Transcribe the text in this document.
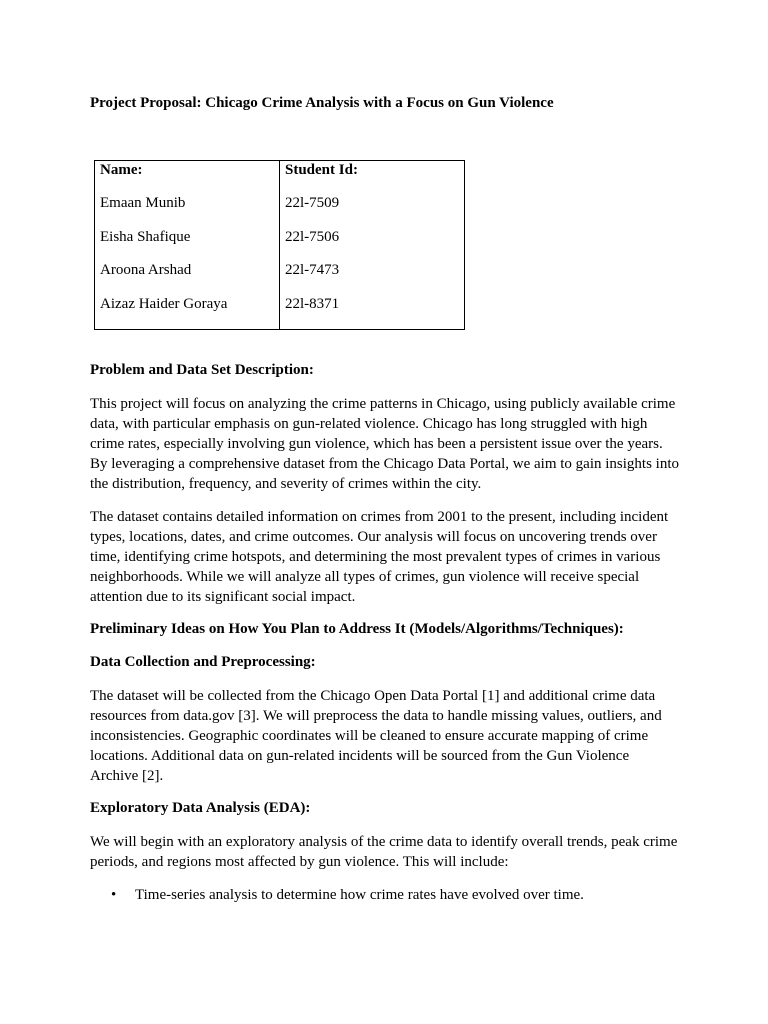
Project Proposal: Chicago Crime Analysis with a Focus on Gun Violence
Name:	Student Id:
Emaan Munib	22l-7509
Eisha Shafique	22l-7506
Aroona Arshad	22l-7473
Aizaz Haider Goraya	22l-8371

Problem and Data Set Description:

This project will focus on analyzing the crime patterns in Chicago, using publicly available crime data, with particular emphasis on gun-related violence. Chicago has long struggled with high crime rates, especially involving gun violence, which has been a persistent issue over the years. By leveraging a comprehensive dataset from the Chicago Data Portal, we aim to gain insights into the distribution, frequency, and severity of crimes within the city.

The dataset contains detailed information on crimes from 2001 to the present, including incident types, locations, dates, and crime outcomes. Our analysis will focus on uncovering trends over time, identifying crime hotspots, and determining the most prevalent types of crimes in various neighborhoods. While we will analyze all types of crimes, gun violence will receive special attention due to its significant social impact.

Preliminary Ideas on How You Plan to Address It (Models/Algorithms/Techniques):

Data Collection and Preprocessing:

The dataset will be collected from the Chicago Open Data Portal [1] and additional crime data resources from data.gov [3]. We will preprocess the data to handle missing values, outliers, and inconsistencies. Geographic coordinates will be cleaned to ensure accurate mapping of crime locations. Additional data on gun-related incidents will be sourced from the Gun Violence Archive [2].

Exploratory Data Analysis (EDA):

We will begin with an exploratory analysis of the crime data to identify overall trends, peak crime periods, and regions most affected by gun violence. This will include:

• Time-series analysis to determine how crime rates have evolved over time.
